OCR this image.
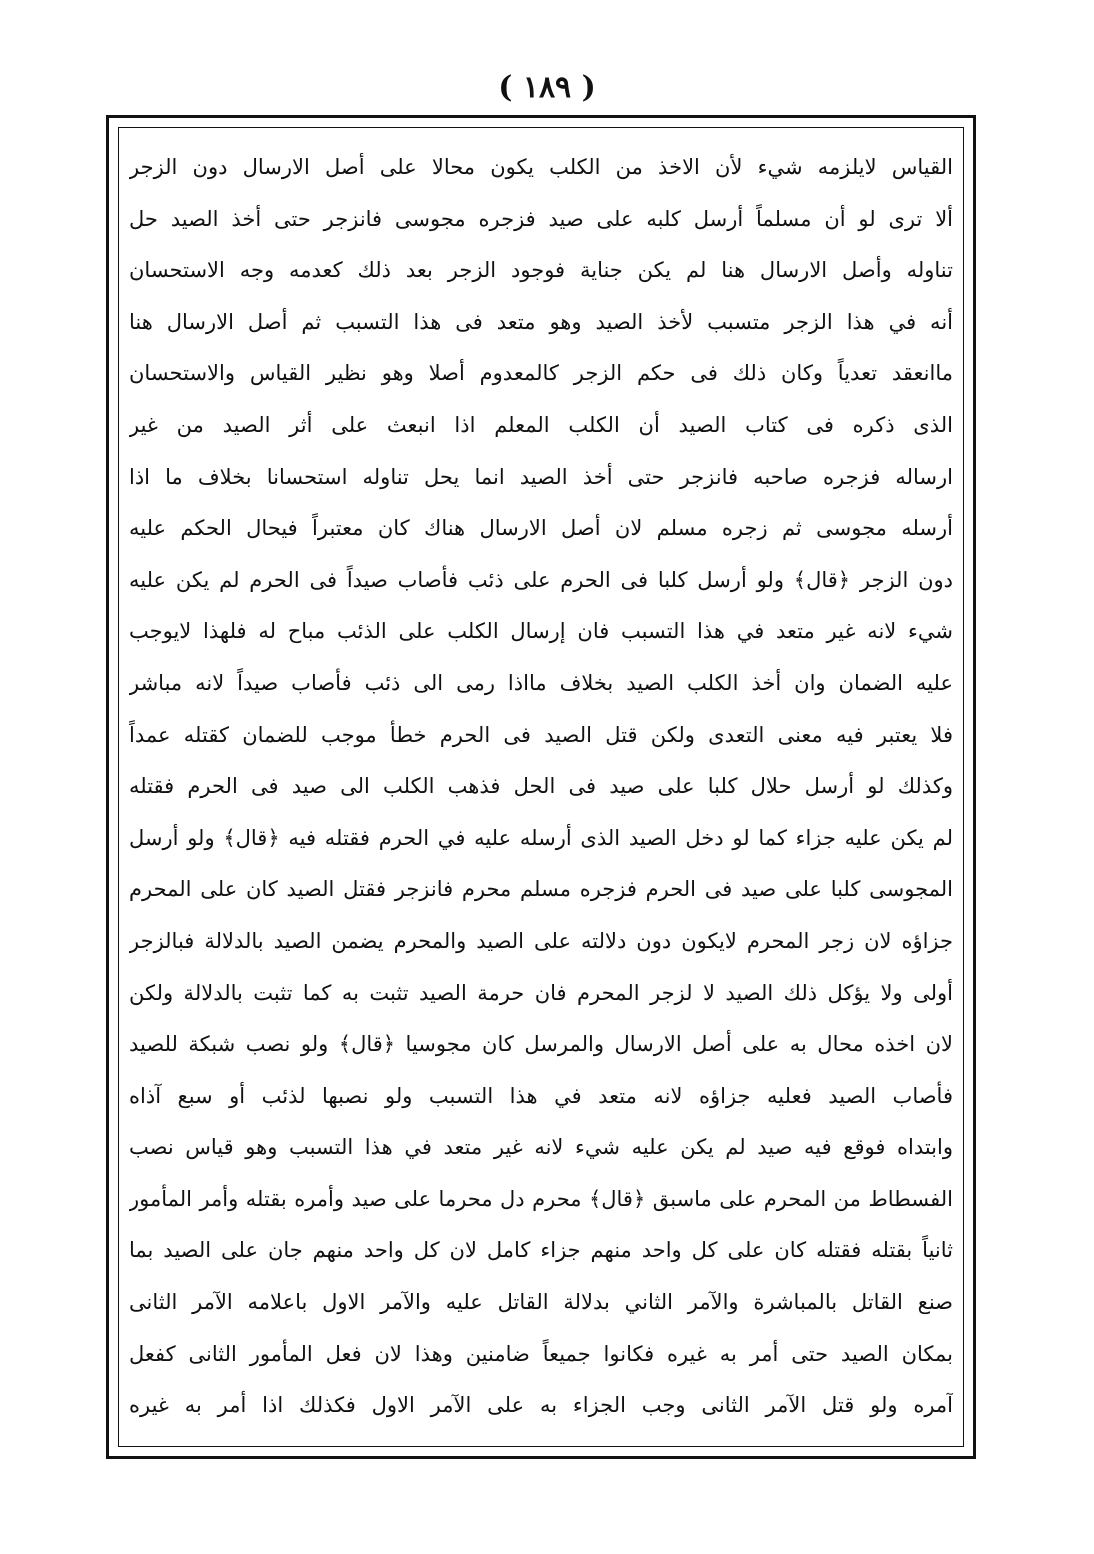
( ١٨٩ )
القياس لايلزمه شيء لأن الاخذ من الكلب يكون محالا على أصل الارسال دون الزجر
ألا ترى لو أن مسلماً أرسل كلبه على صيد فزجره مجوسى فانزجر حتى أخذ الصيد حل
تناوله وأصل الارسال هنا لم يكن جناية فوجود الزجر بعد ذلك كعدمه وجه الاستحسان
أنه في هذا الزجر متسبب لأخذ الصيد وهو متعد فى هذا التسبب ثم أصل الارسال هنا
ماانعقد تعدياً وكان ذلك فى حكم الزجر كالمعدوم أصلا وهو نظير القياس والاستحسان
الذى ذكره فى كتاب الصيد أن الكلب المعلم اذا انبعث على أثر الصيد من غير
ارساله فزجره صاحبه فانزجر حتى أخذ الصيد انما يحل تناوله استحسانا بخلاف ما اذا
أرسله مجوسى ثم زجره مسلم لان أصل الارسال هناك كان معتبراً فيحال الحكم عليه
دون الزجر ﴿قال﴾ ولو أرسل كلبا فى الحرم على ذئب فأصاب صيداً فى الحرم لم يكن عليه
شيء لانه غير متعد في هذا التسبب فان إرسال الكلب على الذئب مباح له فلهذا لايوجب
عليه الضمان وان أخذ الكلب الصيد بخلاف مااذا رمى الى ذئب فأصاب صيداً لانه مباشر
فلا يعتبر فيه معنى التعدى ولكن قتل الصيد فى الحرم خطأ موجب للضمان كقتله عمداً
وكذلك لو أرسل حلال كلبا على صيد فى الحل فذهب الكلب الى صيد فى الحرم فقتله
لم يكن عليه جزاء كما لو دخل الصيد الذى أرسله عليه في الحرم فقتله فيه ﴿قال﴾ ولو أرسل
المجوسى كلبا على صيد فى الحرم فزجره مسلم محرم فانزجر فقتل الصيد كان على المحرم
جزاؤه لان زجر المحرم لايكون دون دلالته على الصيد والمحرم يضمن الصيد بالدلالة فبالزجر
أولى ولا يؤكل ذلك الصيد لا لزجر المحرم فان حرمة الصيد تثبت به كما تثبت بالدلالة ولكن
لان اخذه محال به على أصل الارسال والمرسل كان مجوسيا ﴿قال﴾ ولو نصب شبكة للصيد
فأصاب الصيد فعليه جزاؤه لانه متعد في هذا التسبب ولو نصبها لذئب أو سبع آذاه
وابتداه فوقع فيه صيد لم يكن عليه شيء لانه غير متعد في هذا التسبب وهو قياس نصب
الفسطاط من المحرم على ماسبق ﴿قال﴾ محرم دل محرما على صيد وأمره بقتله وأمر المأمور
ثانياً بقتله فقتله كان على كل واحد منهم جزاء كامل لان كل واحد منهم جان على الصيد بما
صنع القاتل بالمباشرة والآمر الثاني بدلالة القاتل عليه والآمر الاول باعلامه الآمر الثانى
بمكان الصيد حتى أمر به غيره فكانوا جميعاً ضامنين وهذا لان فعل المأمور الثانى كفعل
آمره ولو قتل الآمر الثانى وجب الجزاء به على الآمر الاول فكذلك اذا أمر به غيره
